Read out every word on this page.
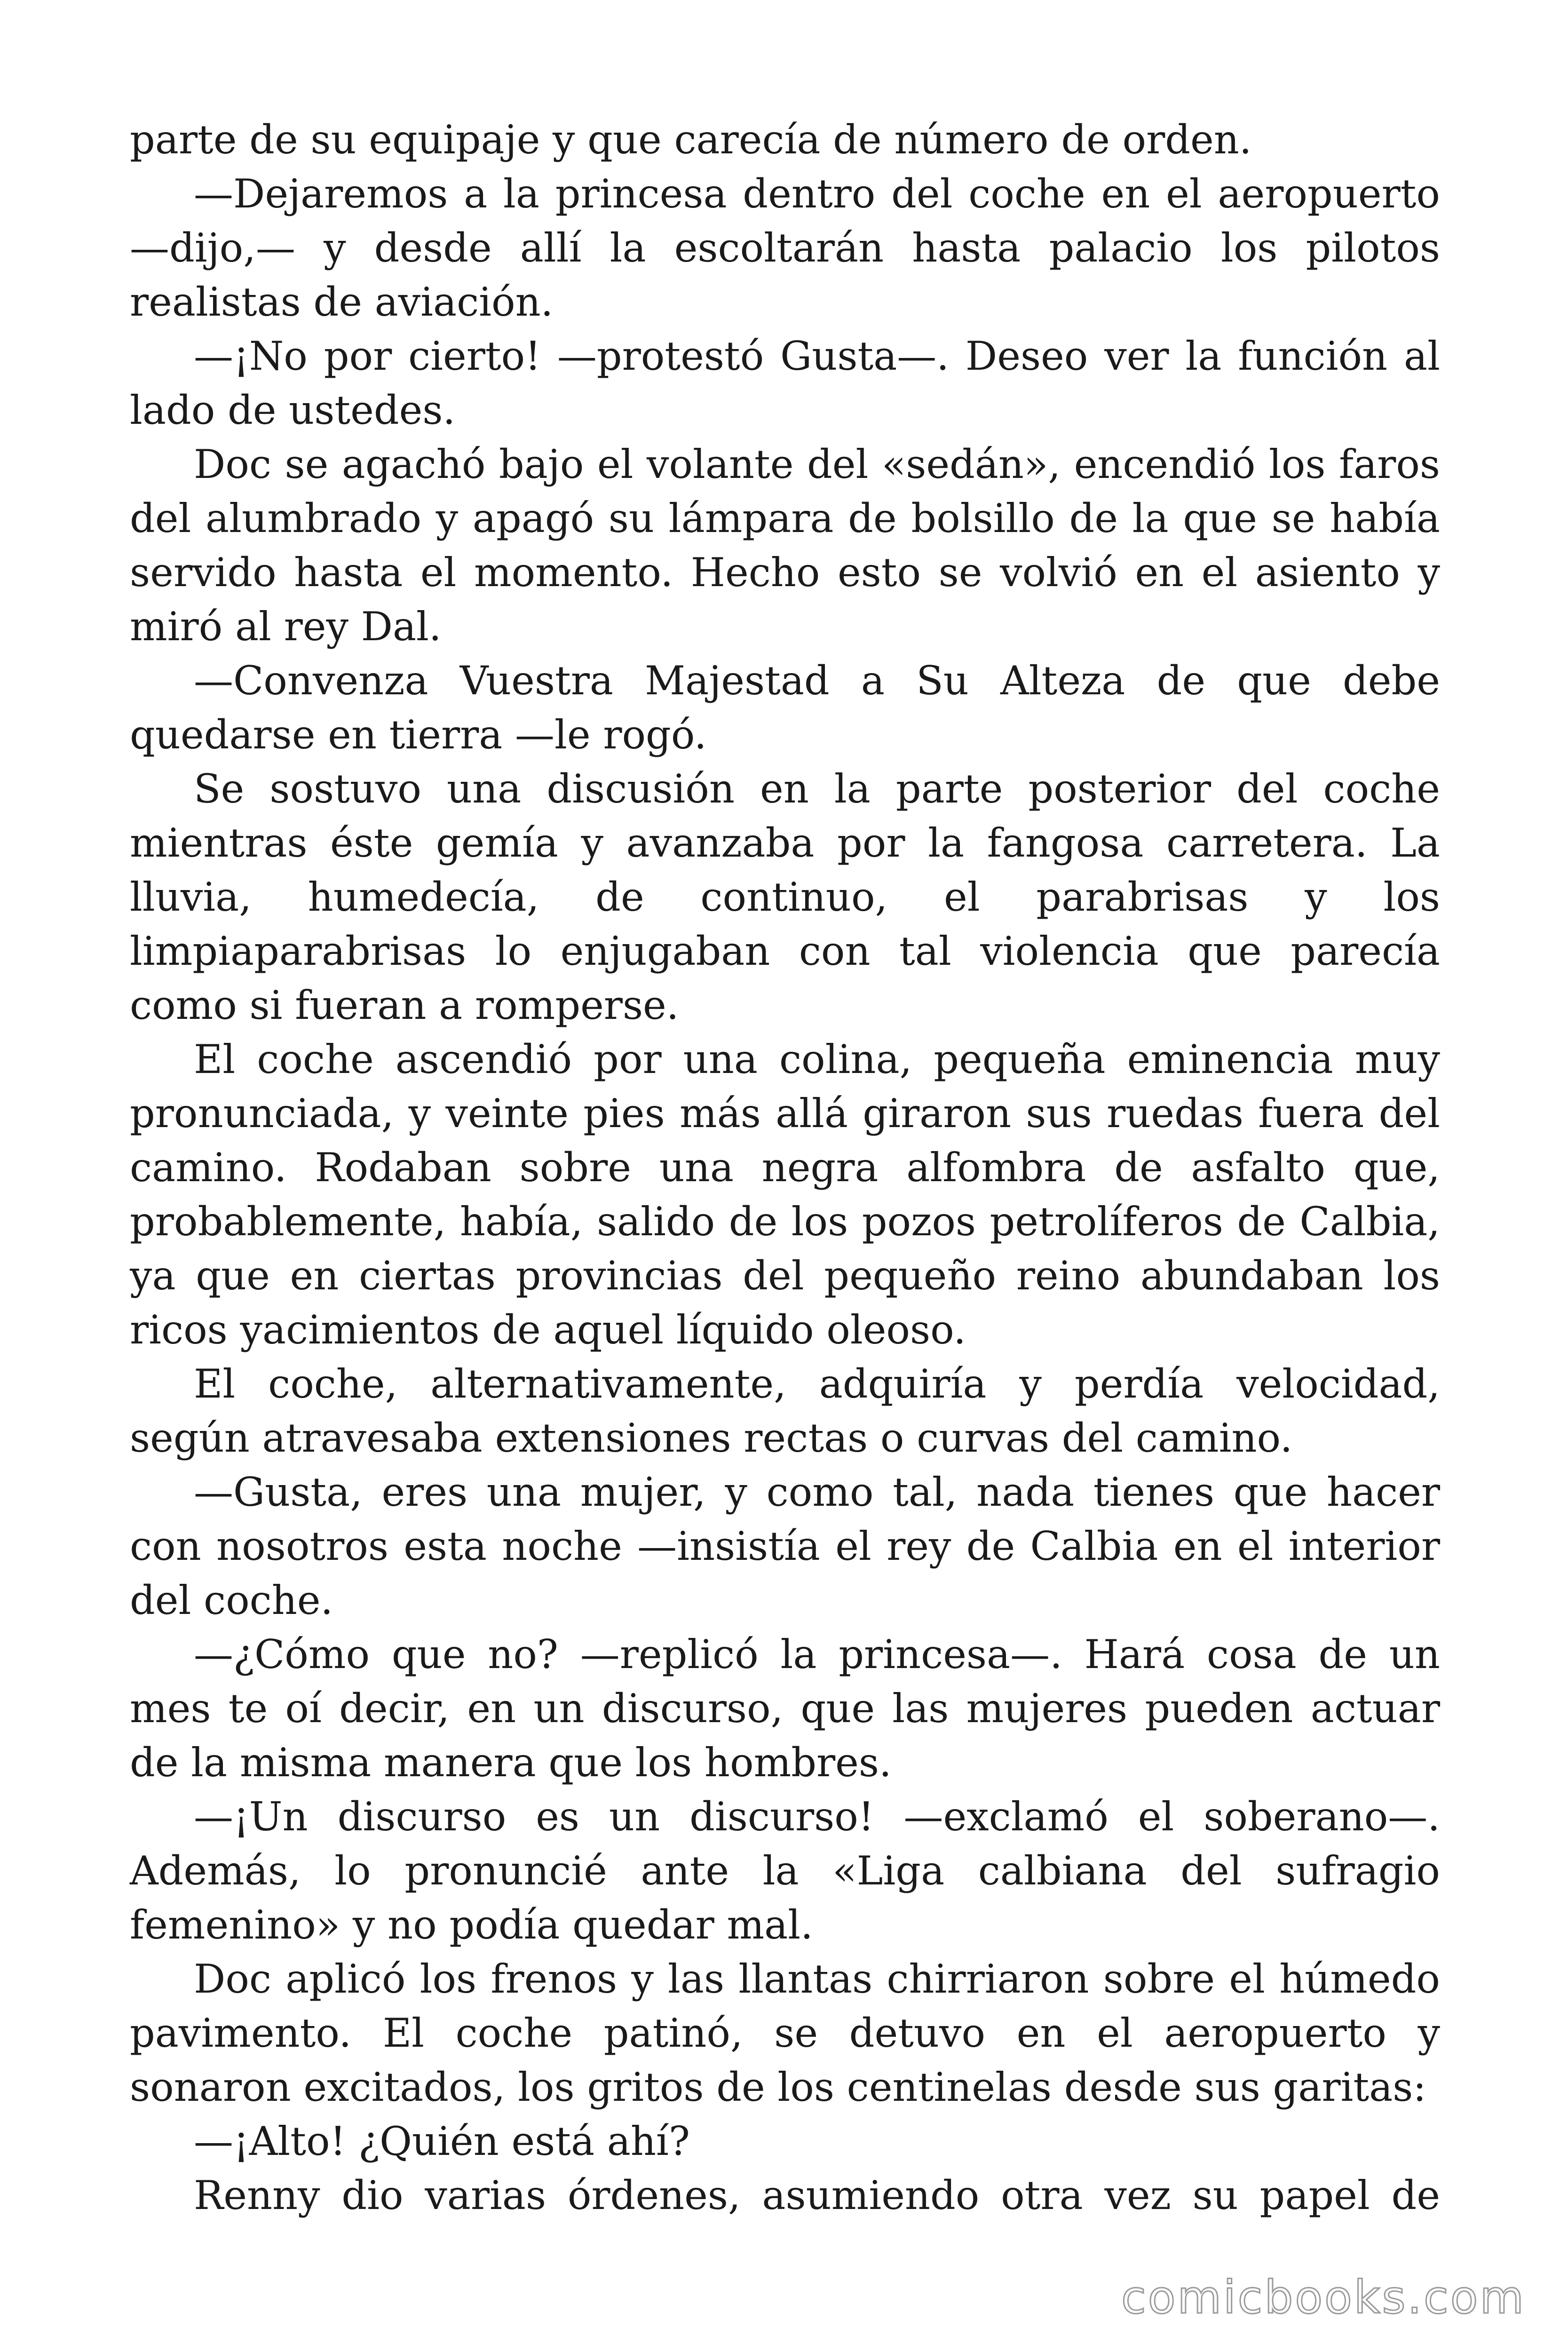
parte de su equipaje y que carecía de número de orden.

—Dejaremos a la princesa dentro del coche en el aeropuerto —dijo,— y desde allí la escoltarán hasta palacio los pilotos realistas de aviación.

—¡No por cierto! —protestó Gusta—. Deseo ver la función al lado de ustedes.

Doc se agachó bajo el volante del «sedán», encendió los faros del alumbrado y apagó su lámpara de bolsillo de la que se había servido hasta el momento. Hecho esto se volvió en el asiento y miró al rey Dal.

—Convenza Vuestra Majestad a Su Alteza de que debe quedarse en tierra —le rogó.

Se sostuvo una discusión en la parte posterior del coche mientras éste gemía y avanzaba por la fangosa carretera. La lluvia, humedecía, de continuo, el parabrisas y los limpiaparabrisas lo enjugaban con tal violencia que parecía como si fueran a romperse.

El coche ascendió por una colina, pequeña eminencia muy pronunciada, y veinte pies más allá giraron sus ruedas fuera del camino. Rodaban sobre una negra alfombra de asfalto que, probablemente, había, salido de los pozos petrolíferos de Calbia, ya que en ciertas provincias del pequeño reino abundaban los ricos yacimientos de aquel líquido oleoso.

El coche, alternativamente, adquiría y perdía velocidad, según atravesaba extensiones rectas o curvas del camino.

—Gusta, eres una mujer, y como tal, nada tienes que hacer con nosotros esta noche —insistía el rey de Calbia en el interior del coche.

—¿Cómo que no? —replicó la princesa—. Hará cosa de un mes te oí decir, en un discurso, que las mujeres pueden actuar de la misma manera que los hombres.

—¡Un discurso es un discurso! —exclamó el soberano—. Además, lo pronuncié ante la «Liga calbiana del sufragio femenino» y no podía quedar mal.

Doc aplicó los frenos y las llantas chirriaron sobre el húmedo pavimento. El coche patinó, se detuvo en el aeropuerto y sonaron excitados, los gritos de los centinelas desde sus garitas:

—¡Alto! ¿Quién está ahí?

Renny dio varias órdenes, asumiendo otra vez su papel de

comicbooks.com
